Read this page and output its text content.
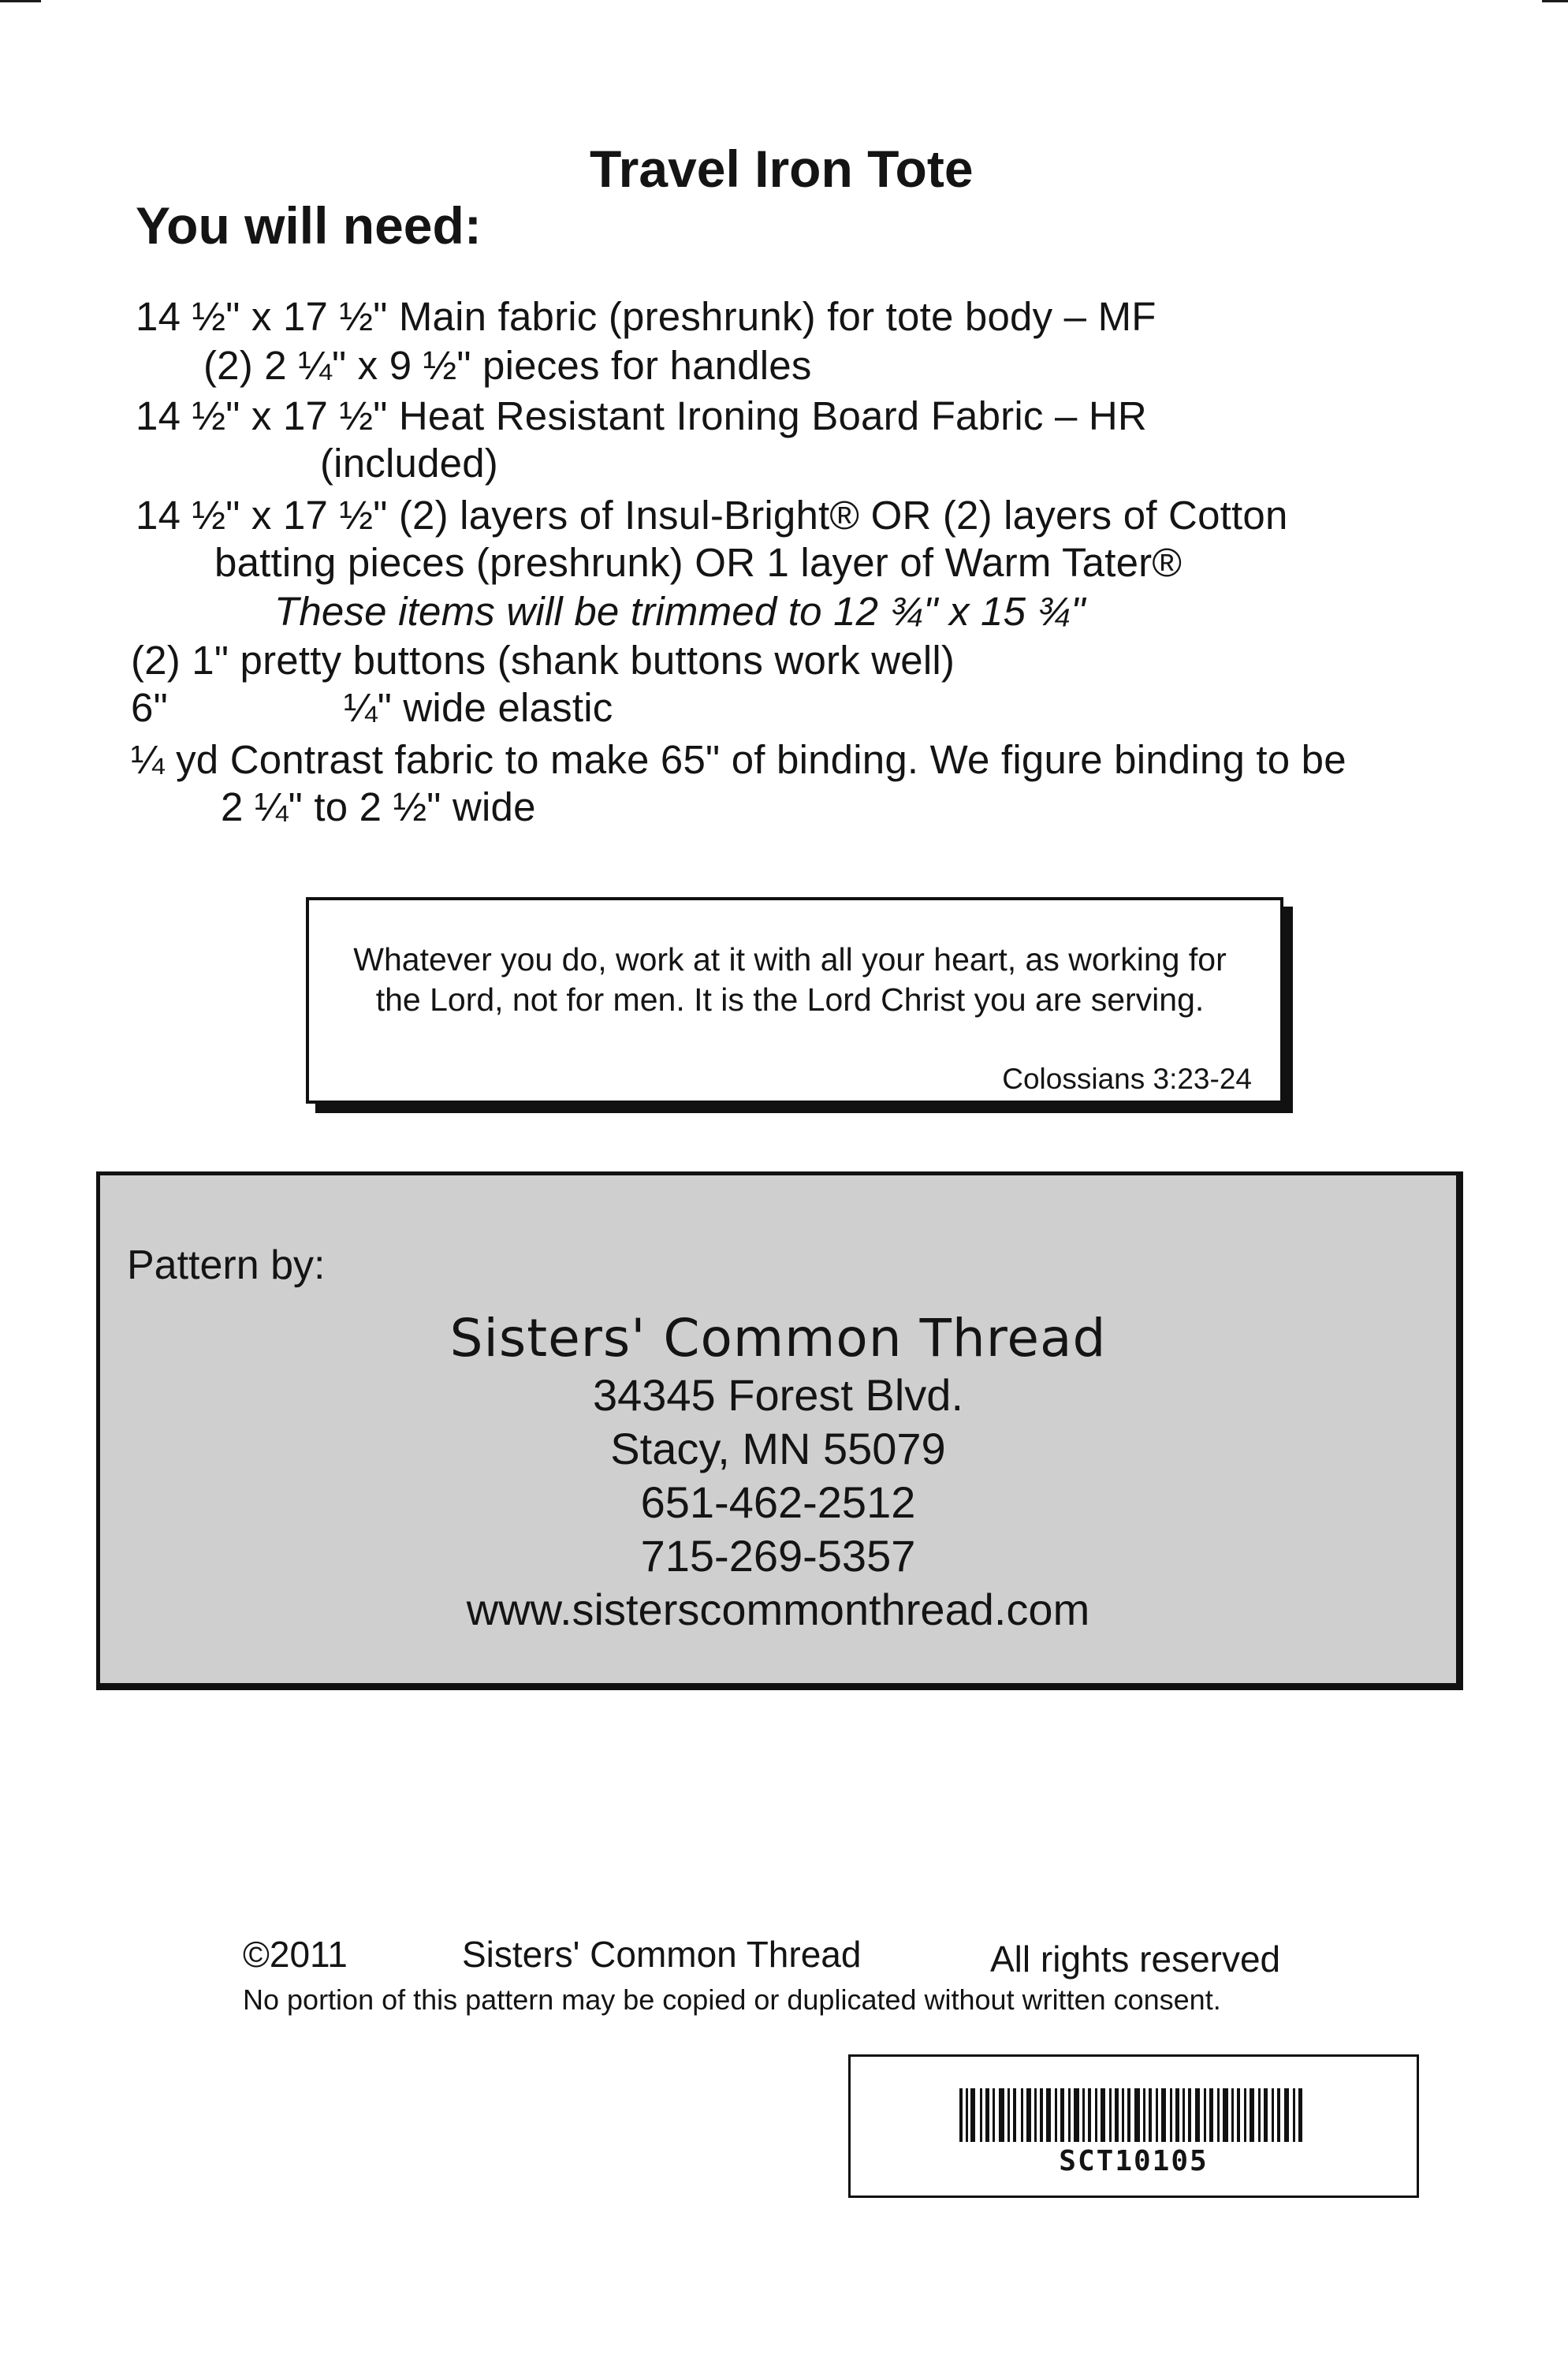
Travel Iron Tote
You will need:
14 ½" x 17 ½" Main fabric (preshrunk) for tote body – MF
(2) 2 ¼" x 9 ½" pieces for handles
14 ½" x 17 ½" Heat Resistant Ironing Board Fabric – HR
(included)
14 ½" x 17 ½" (2) layers of Insul-Bright® OR (2) layers of Cotton
batting pieces (preshrunk) OR 1 layer of Warm Tater®
These items will be trimmed to 12 ¾" x 15 ¾"
(2) 1" pretty buttons (shank buttons work well)
6"	¼" wide elastic
¼ yd Contrast fabric to make 65" of binding. We figure binding to be
2 ¼" to 2 ½" wide
Whatever you do, work at it with all your heart, as working for the Lord, not for men. It is the Lord Christ you are serving.
Colossians 3:23-24
Pattern by:
Sisters' Common Thread
34345 Forest Blvd.
Stacy, MN 55079
651-462-2512
715-269-5357
www.sisterscommonthread.com
©2011	Sisters' Common Thread	All rights reserved
No portion of this pattern may be copied or duplicated without written consent.
SCT10105
